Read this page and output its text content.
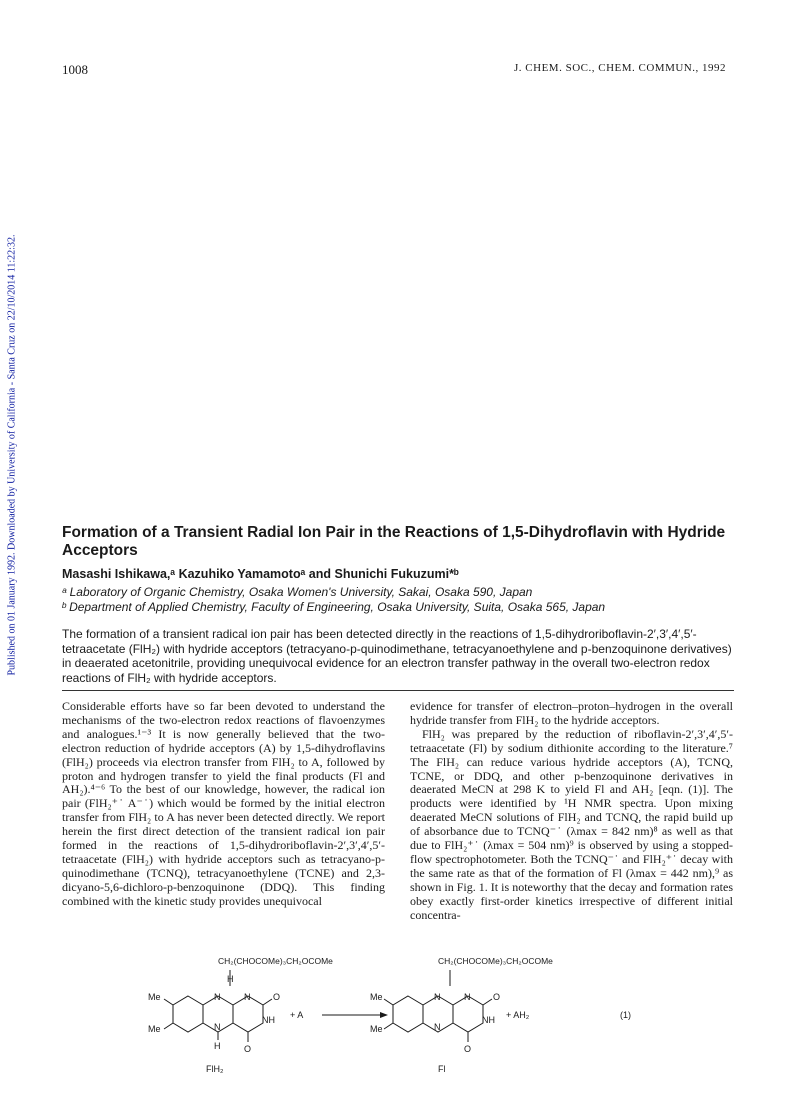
1008	J. CHEM. SOC., CHEM. COMMUN., 1992
Published on 01 January 1992. Downloaded by University of California - Santa Cruz on 22/10/2014 11:22:32.	Formation of a Transient Radial Ion Pair in the Reactions of 1,5-Dihydroflavin with Hydride Acceptors
Masashi Ishikawa,ᵃ Kazuhiko Yamamotoᵃ and Shunichi Fukuzumi*ᵇ
ᵃ Laboratory of Organic Chemistry, Osaka Women's University, Sakai, Osaka 590, Japan
ᵇ Department of Applied Chemistry, Faculty of Engineering, Osaka University, Suita, Osaka 565, Japan
The formation of a transient radical ion pair has been detected directly in the reactions of 1,5-dihydroriboflavin-2′,3′,4′,5′-tetraacetate (FlH₂) with hydride acceptors (tetracyano-p-quinodimethane, tetracyanoethylene and p-benzoquinone derivatives) in deaerated acetonitrile, providing unequivocal evidence for an electron transfer pathway in the overall two-electron redox reactions of FlH₂ with hydride acceptors.

Considerable efforts have so far been devoted to understand the mechanisms of the two-electron redox reactions of flavoenzymes and analogues.¹⁻³ It is now generally believed that the two-electron reduction of hydride acceptors (A) by 1,5-dihydroflavins (FlH₂) proceeds via electron transfer from FlH₂ to A, followed by proton and hydrogen transfer to yield the final products (Fl and AH₂).⁴⁻⁶ To the best of our knowledge, however, the radical ion pair (FlH₂⁺˙ A⁻˙) which would be formed by the initial electron transfer from FlH₂ to A has never been detected directly. We report herein the first direct detection of the transient radical ion pair formed in the reactions of 1,5-dihydroriboflavin-2′,3′,4′,5′-tetraacetate (FlH₂) with hydride acceptors such as tetracyano-p-quinodimethane (TCNQ), tetracyanoethylene (TCNE) and 2,3-dicyano-5,6-dichloro-p-benzoquinone (DDQ). This finding combined with the kinetic study provides unequivocal

evidence for transfer of electron–proton–hydrogen in the overall hydride transfer from FlH₂ to the hydride acceptors.

FlH₂ was prepared by the reduction of riboflavin-2′,3′,4′,5′-tetraacetate (Fl) by sodium dithionite according to the literature.⁷ The FlH₂ can reduce various hydride acceptors (A), TCNQ, TCNE, or DDQ, and other p-benzoquinone derivatives in deaerated MeCN at 298 K to yield Fl and AH₂ [eqn. (1)]. The products were identified by ¹H NMR spectra. Upon mixing deaerated MeCN solutions of FlH₂ and TCNQ, the rapid build up of absorbance due to TCNQ⁻˙ (λmax = 842 nm)⁸ as well as that due to FlH₂⁺˙ (λmax = 504 nm)⁹ is observed by using a stopped-flow spectrophotometer. Both the TCNQ⁻˙ and FlH₂⁺˙ decay with the same rate as that of the formation of Fl (λmax = 442 nm),⁹ as shown in Fig. 1. It is noteworthy that the decay and formation rates obey exactly first-order kinetics irrespective of different initial concentra-

CH₂(CHOCOMe)₃CH₂OCOMe
H
Me
Me
N	N	O
NH
N
H	O
FlH₂
+ A
CH₂(CHOCOMe)₃CH₂OCOMe
Me
Me
N	N	O
NH
N
O
Fl
+ AH₂	(1)
